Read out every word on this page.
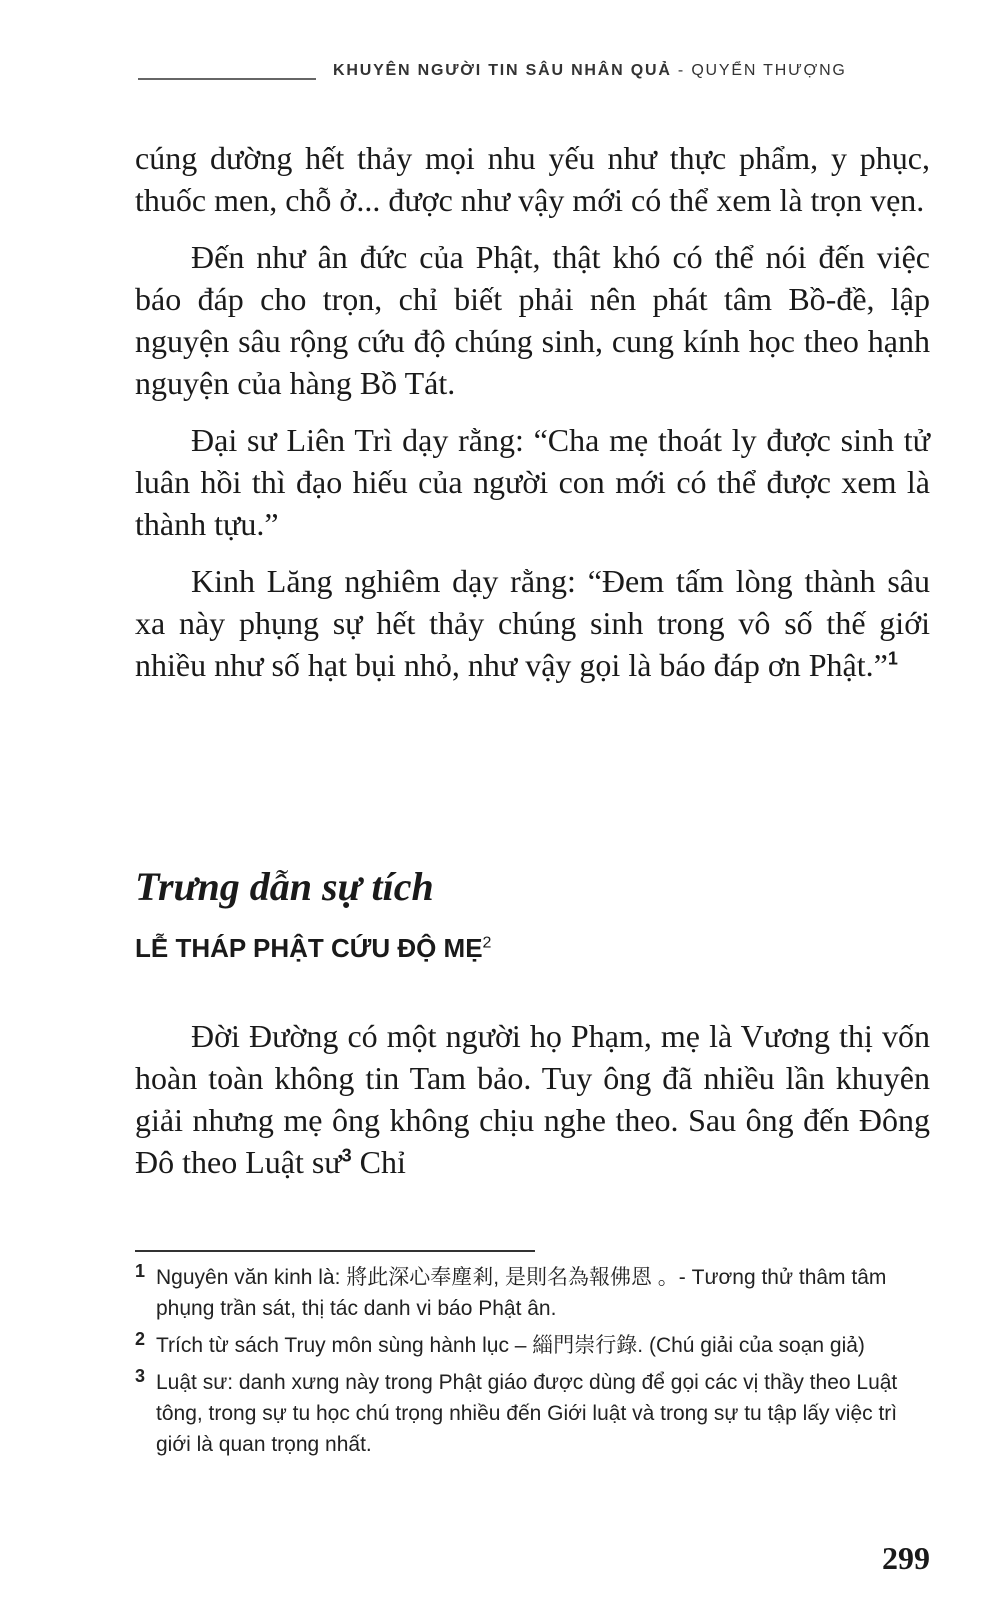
KHUYÊN NGƯỜI TIN SÂU NHÂN QUẢ - QUYỂN THƯỢNG

cúng dường hết thảy mọi nhu yếu như thực phẩm, y phục, thuốc men, chỗ ở... được như vậy mới có thể xem là trọn vẹn.

Đến như ân đức của Phật, thật khó có thể nói đến việc báo đáp cho trọn, chỉ biết phải nên phát tâm Bồ-đề, lập nguyện sâu rộng cứu độ chúng sinh, cung kính học theo hạnh nguyện của hàng Bồ Tát.

Đại sư Liên Trì dạy rằng: “Cha mẹ thoát ly được sinh tử luân hồi thì đạo hiếu của người con mới có thể được xem là thành tựu.”

Kinh Lăng nghiêm dạy rằng: “Đem tấm lòng thành sâu xa này phụng sự hết thảy chúng sinh trong vô số thế giới nhiều như số hạt bụi nhỏ, như vậy gọi là báo đáp ơn Phật.”$^1$

Trưng dẫn sự tích
LỄ THÁP PHẬT CỨU ĐỘ MẸ$^2$

Đời Đường có một người họ Phạm, mẹ là Vương thị vốn hoàn toàn không tin Tam bảo. Tuy ông đã nhiều lần khuyên giải nhưng mẹ ông không chịu nghe theo. Sau ông đến Đông Đô theo Luật $sư^3$ Chỉ

1 Nguyên văn kinh là: 將此深心奉塵剎, 是則名為報佛恩 。- Tương thử thâm tâm phụng trần sát, thị tác danh vi báo Phật ân.
2 Trích từ sách Truy môn sùng hành lục – 緇門崇行錄. (Chú giải của soạn giả)
3 Luật sư: danh xưng này trong Phật giáo được dùng để gọi các vị thầy theo Luật tông, trong sự tu học chú trọng nhiều đến Giới luật và trong sự tu tập lấy việc trì giới là quan trọng nhất.
299
